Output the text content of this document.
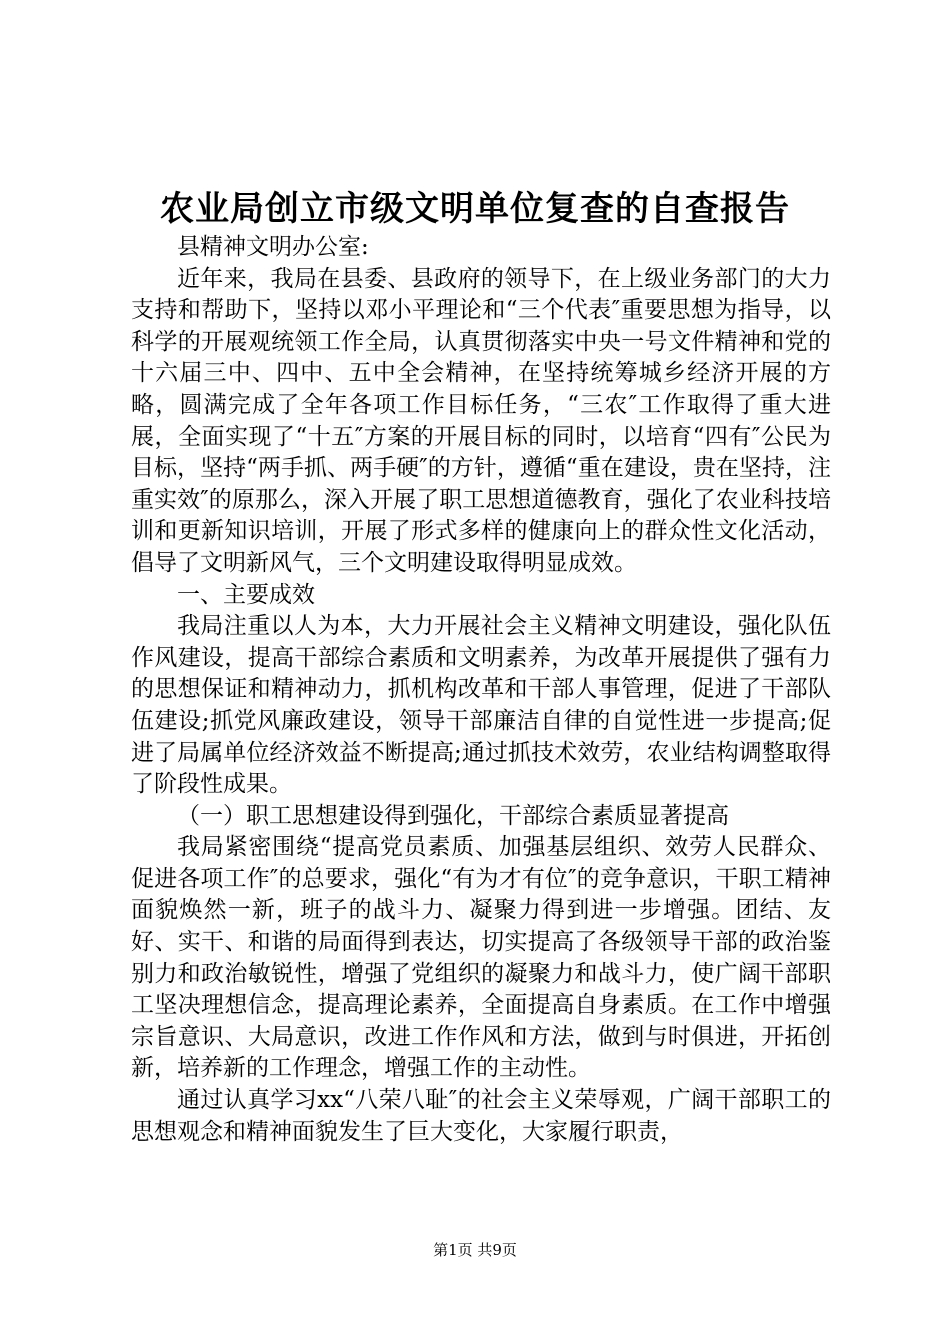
农业局创立市级文明单位复查的自查报告

县精神文明办公室:

近年来，我局在县委、县政府的领导下，在上级业务部门的大力支持和帮助下，坚持以邓小平理论和“三个代表″重要思想为指导，以科学的开展观统领工作全局，认真贯彻落实中央一号文件精神和党的十六届三中、四中、五中全会精神，在坚持统筹城乡经济开展的方略，圆满完成了全年各项工作目标任务，“三农″工作取得了重大进展，全面实现了“十五″方案的开展目标的同时，以培育“四有″公民为目标，坚持“两手抓、两手硬″的方针，遵循“重在建设，贵在坚持，注重实效″的原那么，深入开展了职工思想道德教育，强化了农业科技培训和更新知识培训，开展了形式多样的健康向上的群众性文化活动，倡导了文明新风气，三个文明建设取得明显成效。

一、主要成效

我局注重以人为本，大力开展社会主义精神文明建设，强化队伍作风建设，提高干部综合素质和文明素养，为改革开展提供了强有力的思想保证和精神动力，抓机构改革和干部人事管理，促进了干部队伍建设;抓党风廉政建设，领导干部廉洁自律的自觉性进一步提高;促进了局属单位经济效益不断提高;通过抓技术效劳，农业结构调整取得了阶段性成果。

（一）职工思想建设得到强化，干部综合素质显著提高

我局紧密围绕“提高党员素质、加强基层组织、效劳人民群众、促进各项工作″的总要求，强化“有为才有位″的竞争意识，干职工精神面貌焕然一新，班子的战斗力、凝聚力得到进一步增强。团结、友好、实干、和谐的局面得到表达，切实提高了各级领导干部的政治鉴别力和政治敏锐性，增强了党组织的凝聚力和战斗力，使广阔干部职工坚决理想信念，提高理论素养，全面提高自身素质。在工作中增强宗旨意识、大局意识，改进工作作风和方法，做到与时俱进，开拓创新，培养新的工作理念，增强工作的主动性。

通过认真学习xx“八荣八耻″的社会主义荣辱观，广阔干部职工的思想观念和精神面貌发生了巨大变化，大家履行职责，

第1页 共9页
